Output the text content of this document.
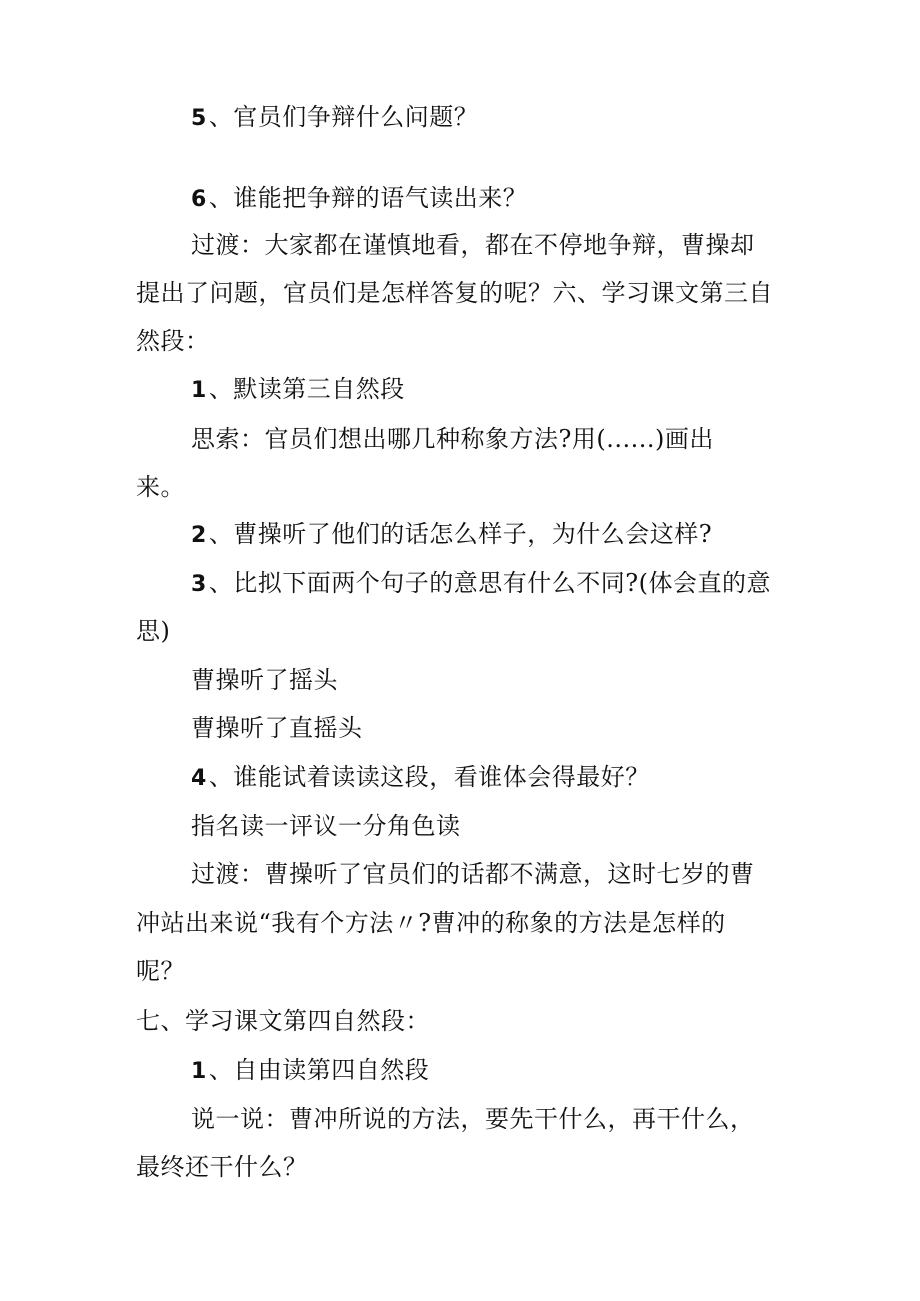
5、官员们争辩什么问题？
6、谁能把争辩的语气读出来？
过渡：大家都在谨慎地看，都在不停地争辩，曹操却
提出了问题，官员们是怎样答复的呢？六、学习课文第三自
然段：
1、默读第三自然段
思索：官员们想出哪几种称象方法?用(......)画出
来。
2、曹操听了他们的话怎么样子，为什么会这样?
3、比拟下面两个句子的意思有什么不同?(体会直的意
思)
曹操听了摇头
曹操听了直摇头
4、谁能试着读读这段，看谁体会得最好？
指名读一评议一分角色读
过渡：曹操听了官员们的话都不满意，这时七岁的曹
冲站出来说“我有个方法〃?曹冲的称象的方法是怎样的
呢？
七、学习课文第四自然段：
1、自由读第四自然段
说一说：曹冲所说的方法，要先干什么，再干什么，
最终还干什么？
